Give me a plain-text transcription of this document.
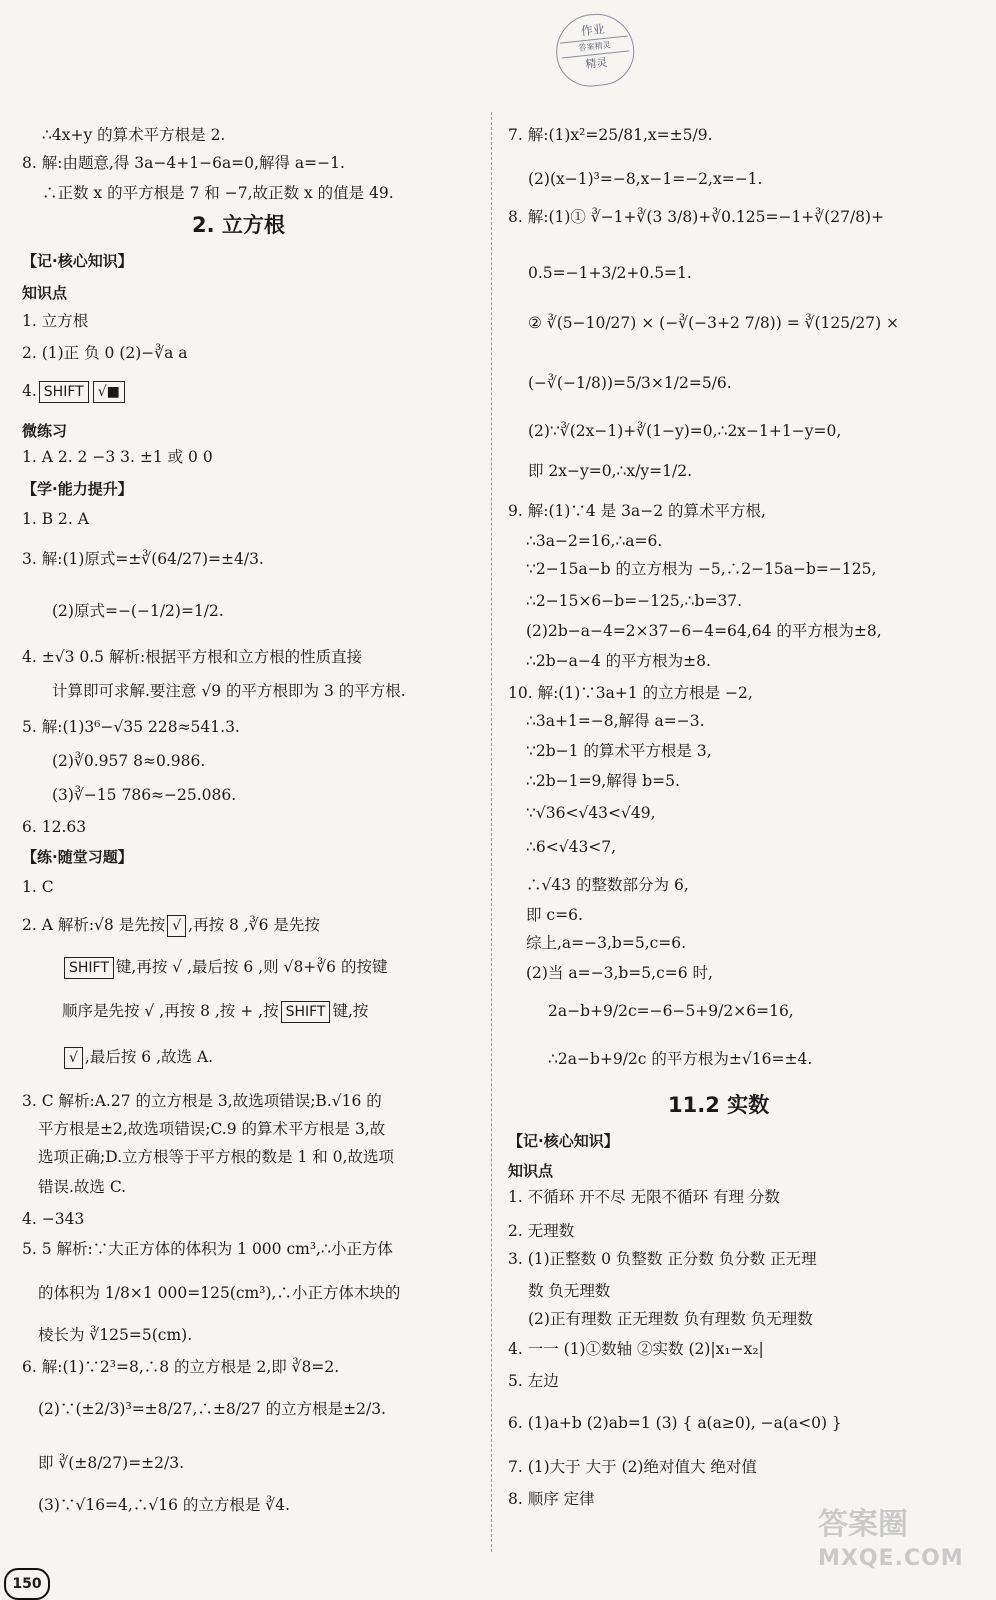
作业
答案精灵
精灵
∴4x+y 的算术平方根是 2.
8. 解:由题意,得 3a−4+1−6a=0,解得 a=−1.
∴正数 x 的平方根是 7 和 −7,故正数 x 的值是 49.
2. 立方根
【记·核心知识】
知识点
1. 立方根
2. (1)正 负 0 (2)−∛a a
4. SHIFT √■
微练习
1. A 2. 2 −3 3. ±1 或 0 0
【学·能力提升】
1. B 2. A
3. 解:(1)原式=±∛(64/27)=±4/3.
(2)原式=−(−1/2)=1/2.
4. ±√3 0.5 解析:根据平方根和立方根的性质直接
计算即可求解.要注意 √9 的平方根即为 3 的平方根.
5. 解:(1)3⁶−√35 228≈541.3.
(2)∛0.957 8≈0.986.
(3)∛−15 786≈−25.086.
6. 12.63
【练·随堂习题】
1. C
2. A 解析:√8 是先按 √ ,再按 8 ,∛6 是先按
SHIFT 键,再按 √ ,最后按 6 ,则 √8+∛6 的按键
顺序是先按 √ ,再按 8 ,按 + ,按 SHIFT 键,按
√ ,最后按 6 ,故选 A.
3. C 解析:A.27 的立方根是 3,故选项错误;B.√16 的
平方根是±2,故选项错误;C.9 的算术平方根是 3,故
选项正确;D.立方根等于平方根的数是 1 和 0,故选项
错误.故选 C.
4. −343
5. 5 解析:∵大正方体的体积为 1 000 cm³,∴小正方体
的体积为 1/8×1 000=125(cm³),∴小正方体木块的
棱长为 ∛125=5(cm).
6. 解:(1)∵2³=8,∴8 的立方根是 2,即 ∛8=2.
(2)∵(±2/3)³=±8/27,∴±8/27 的立方根是±2/3.
即 ∛(±8/27)=±2/3.
(3)∵√16=4,∴√16 的立方根是 ∛4.
7. 解:(1)x²=25/81,x=±5/9.
(2)(x−1)³=−8,x−1=−2,x=−1.
8. 解:(1)① ∛−1+∛(3 3/8)+∛0.125=−1+∛(27/8)+
0.5=−1+3/2+0.5=1.
② ∛(5−10/27) × (−∛(−3+2 7/8)) = ∛(125/27) ×
(−∛(−1/8))=5/3×1/2=5/6.
(2)∵∛(2x−1)+∛(1−y)=0,∴2x−1+1−y=0,
即 2x−y=0,∴x/y=1/2.
9. 解:(1)∵4 是 3a−2 的算术平方根,
∴3a−2=16,∴a=6.
∵2−15a−b 的立方根为 −5,∴2−15a−b=−125,
∴2−15×6−b=−125,∴b=37.
(2)2b−a−4=2×37−6−4=64,64 的平方根为±8,
∴2b−a−4 的平方根为±8.
10. 解:(1)∵3a+1 的立方根是 −2,
∴3a+1=−8,解得 a=−3.
∵2b−1 的算术平方根是 3,
∴2b−1=9,解得 b=5.
∵√36<√43<√49,
∴6<√43<7,
∴√43 的整数部分为 6,
即 c=6.
综上,a=−3,b=5,c=6.
(2)当 a=−3,b=5,c=6 时,
2a−b+9/2c=−6−5+9/2×6=16,
∴2a−b+9/2c 的平方根为±√16=±4.
11.2 实数
【记·核心知识】
知识点
1. 不循环 开不尽 无限不循环 有理 分数
2. 无理数
3. (1)正整数 0 负整数 正分数 负分数 正无理
数 负无理数
(2)正有理数 正无理数 负有理数 负无理数
4. 一一 (1)①数轴 ②实数 (2)|x₁−x₂|
5. 左边
6. (1)a+b (2)ab=1 (3) { a(a≥0), −a(a<0) }
7. (1)大于 大于 (2)绝对值大 绝对值
8. 顺序 定律
150
答案圈
MXQE.COM
